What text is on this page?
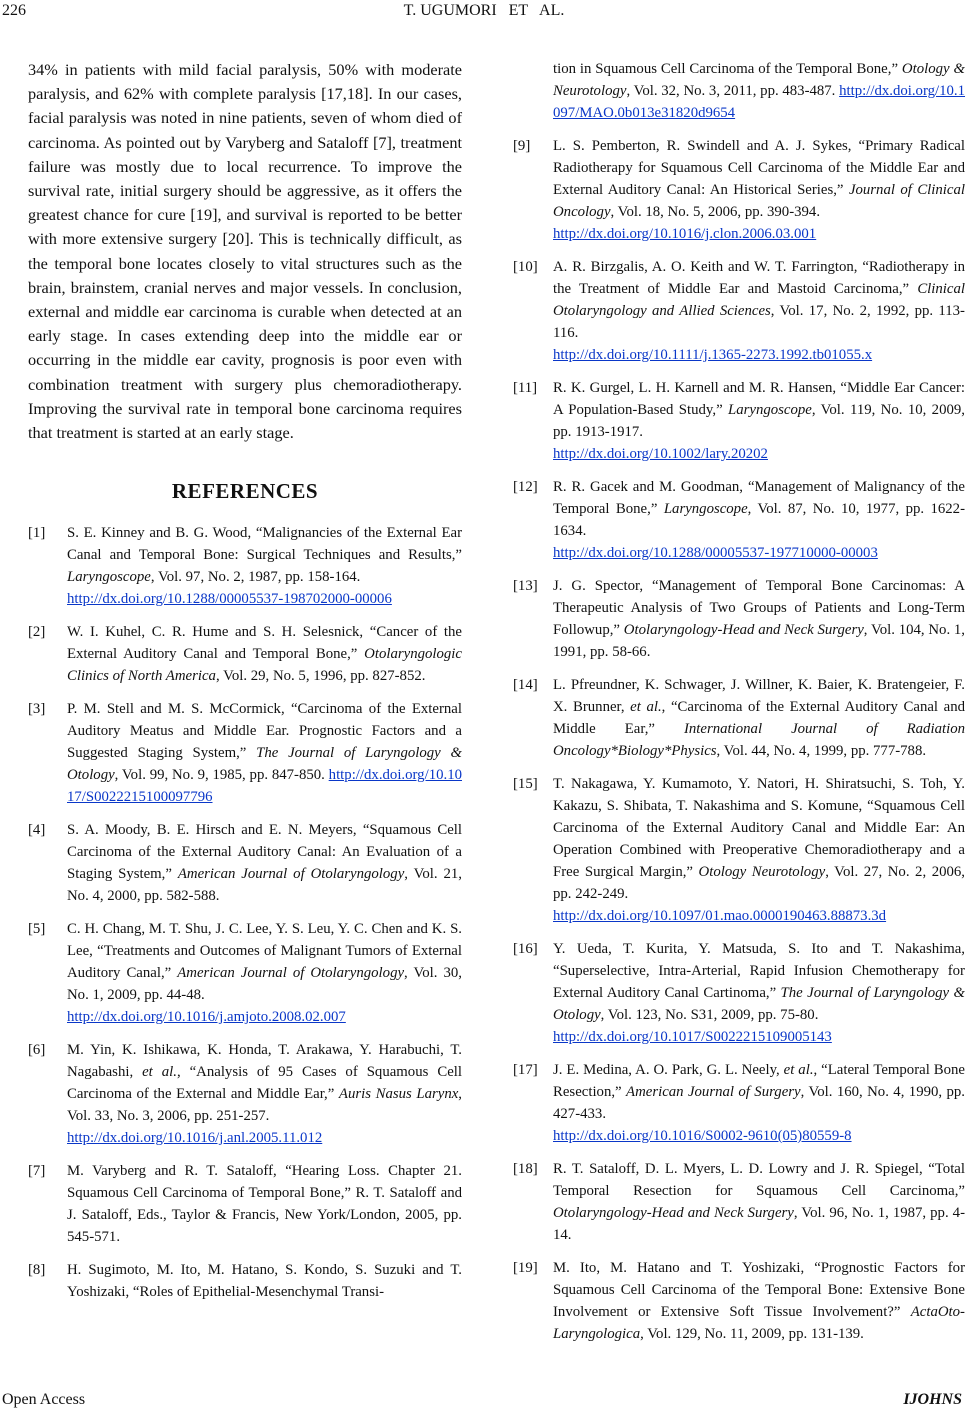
226	T. UGUMORI   ET   AL.

34% in patients with mild facial paralysis, 50% with moderate paralysis, and 62% with complete paralysis [17,18]. In our cases, facial paralysis was noted in nine patients, seven of whom died of carcinoma. As pointed out by Varyberg and Sataloff [7], treatment failure was mostly due to local recurrence. To improve the survival rate, initial surgery should be aggressive, as it offers the greatest chance for cure [19], and survival is reported to be better with more extensive surgery [20]. This is technically difficult, as the temporal bone locates closely to vital structures such as the brain, brainstem, cranial nerves and major vessels. In conclusion, external and middle ear carcinoma is curable when detected at an early stage. In cases extending deep into the middle ear or occurring in the middle ear cavity, prognosis is poor even with combination treatment with surgery plus chemoradiotherapy. Improving the survival rate in temporal bone carcinoma requires that treatment is started at an early stage.

REFERENCES
[1]	S. E. Kinney and B. G. Wood, “Malignancies of the External Ear Canal and Temporal Bone: Surgical Techniques and Results,” Laryngoscope, Vol. 97, No. 2, 1987, pp. 158-164.http://dx.doi.org/10.1288/00005537-198702000-00006
[2]	W. I. Kuhel, C. R. Hume and S. H. Selesnick, “Cancer of the External Auditory Canal and Temporal Bone,” Otolaryngologic Clinics of North America, Vol. 29, No. 5, 1996, pp. 827-852.
[3]	P. M. Stell and M. S. McCormick, “Carcinoma of the External Auditory Meatus and Middle Ear. Prognostic Factors and a Suggested Staging System,” The Journal of Laryngology & Otology, Vol. 99, No. 9, 1985, pp. 847-850. http://dx.doi.org/10.1017/S0022215100097796
[4]	S. A. Moody, B. E. Hirsch and E. N. Meyers, “Squamous Cell Carcinoma of the External Auditory Canal: An Evaluation of a Staging System,” American Journal of Otolaryngology, Vol. 21, No. 4, 2000, pp. 582-588.
[5]	C. H. Chang, M. T. Shu, J. C. Lee, Y. S. Leu, Y. C. Chen and K. S. Lee, “Treatments and Outcomes of Malignant Tumors of External Auditory Canal,” American Journal of Otolaryngology, Vol. 30, No. 1, 2009, pp. 44-48.http://dx.doi.org/10.1016/j.amjoto.2008.02.007
[6]	M. Yin, K. Ishikawa, K. Honda, T. Arakawa, Y. Harabuchi, T. Nagabashi, et al., “Analysis of 95 Cases of Squamous Cell Carcinoma of the External and Middle Ear,” Auris Nasus Larynx, Vol. 33, No. 3, 2006, pp. 251-257.http://dx.doi.org/10.1016/j.anl.2005.11.012
[7]	M. Varyberg and R. T. Sataloff, “Hearing Loss. Chapter 21. Squamous Cell Carcinoma of Temporal Bone,” R. T. Sataloff and J. Sataloff, Eds., Taylor & Francis, New York/London, 2005, pp. 545-571.
[8]	H. Sugimoto, M. Ito, M. Hatano, S. Kondo, S. Suzuki and T. Yoshizaki, “Roles of Epithelial-Mesenchymal Transi-
tion in Squamous Cell Carcinoma of the Temporal Bone,” Otology & Neurotology, Vol. 32, No. 3, 2011, pp. 483-487. http://dx.doi.org/10.1097/MAO.0b013e31820d9654
[9]	L. S. Pemberton, R. Swindell and A. J. Sykes, “Primary Radical Radiotherapy for Squamous Cell Carcinoma of the Middle Ear and External Auditory Canal: An Historical Series,” Journal of Clinical Oncology, Vol. 18, No. 5, 2006, pp. 390-394.http://dx.doi.org/10.1016/j.clon.2006.03.001
[10]	A. R. Birzgalis, A. O. Keith and W. T. Farrington, “Radiotherapy in the Treatment of Middle Ear and Mastoid Carcinoma,” Clinical Otolaryngology and Allied Sciences, Vol. 17, No. 2, 1992, pp. 113-116.http://dx.doi.org/10.1111/j.1365-2273.1992.tb01055.x
[11]	R. K. Gurgel, L. H. Karnell and M. R. Hansen, “Middle Ear Cancer: A Population-Based Study,” Laryngoscope, Vol. 119, No. 10, 2009, pp. 1913-1917.http://dx.doi.org/10.1002/lary.20202
[12]	R. R. Gacek and M. Goodman, “Management of Malignancy of the Temporal Bone,” Laryngoscope, Vol. 87, No. 10, 1977, pp. 1622-1634.http://dx.doi.org/10.1288/00005537-197710000-00003
[13]	J. G. Spector, “Management of Temporal Bone Carcinomas: A Therapeutic Analysis of Two Groups of Patients and Long-Term Followup,” Otolaryngology-Head and Neck Surgery, Vol. 104, No. 1, 1991, pp. 58-66.
[14]	L. Pfreundner, K. Schwager, J. Willner, K. Baier, K. Bratengeier, F. X. Brunner, et al., “Carcinoma of the External Auditory Canal and Middle Ear,” International Journal of Radiation Oncology*Biology*Physics, Vol. 44, No. 4, 1999, pp. 777-788.
[15]	T. Nakagawa, Y. Kumamoto, Y. Natori, H. Shiratsuchi, S. Toh, Y. Kakazu, S. Shibata, T. Nakashima and S. Komune, “Squamous Cell Carcinoma of the External Auditory Canal and Middle Ear: An Operation Combined with Preoperative Chemoradiotherapy and a Free Surgical Margin,” Otology Neurotology, Vol. 27, No. 2, 2006, pp. 242-249.http://dx.doi.org/10.1097/01.mao.0000190463.88873.3d
[16]	Y. Ueda, T. Kurita, Y. Matsuda, S. Ito and T. Nakashima, “Superselective, Intra-Arterial, Rapid Infusion Chemotherapy for External Auditory Canal Cartinoma,” The Journal of Laryngology & Otology, Vol. 123, No. S31, 2009, pp. 75-80.http://dx.doi.org/10.1017/S0022215109005143
[17]	J. E. Medina, A. O. Park, G. L. Neely, et al., “Lateral Temporal Bone Resection,” American Journal of Surgery, Vol. 160, No. 4, 1990, pp. 427-433.http://dx.doi.org/10.1016/S0002-9610(05)80559-8
[18]	R. T. Sataloff, D. L. Myers, L. D. Lowry and J. R. Spiegel, “Total Temporal Resection for Squamous Cell Carcinoma,” Otolaryngology-Head and Neck Surgery, Vol. 96, No. 1, 1987, pp. 4-14.
[19]	M. Ito, M. Hatano and T. Yoshizaki, “Prognostic Factors for Squamous Cell Carcinoma of the Temporal Bone: Extensive Bone Involvement or Extensive Soft Tissue Involvement?” ActaOto-Laryngologica, Vol. 129, No. 11, 2009, pp. 131-139.
Open Access	IJOHNS
